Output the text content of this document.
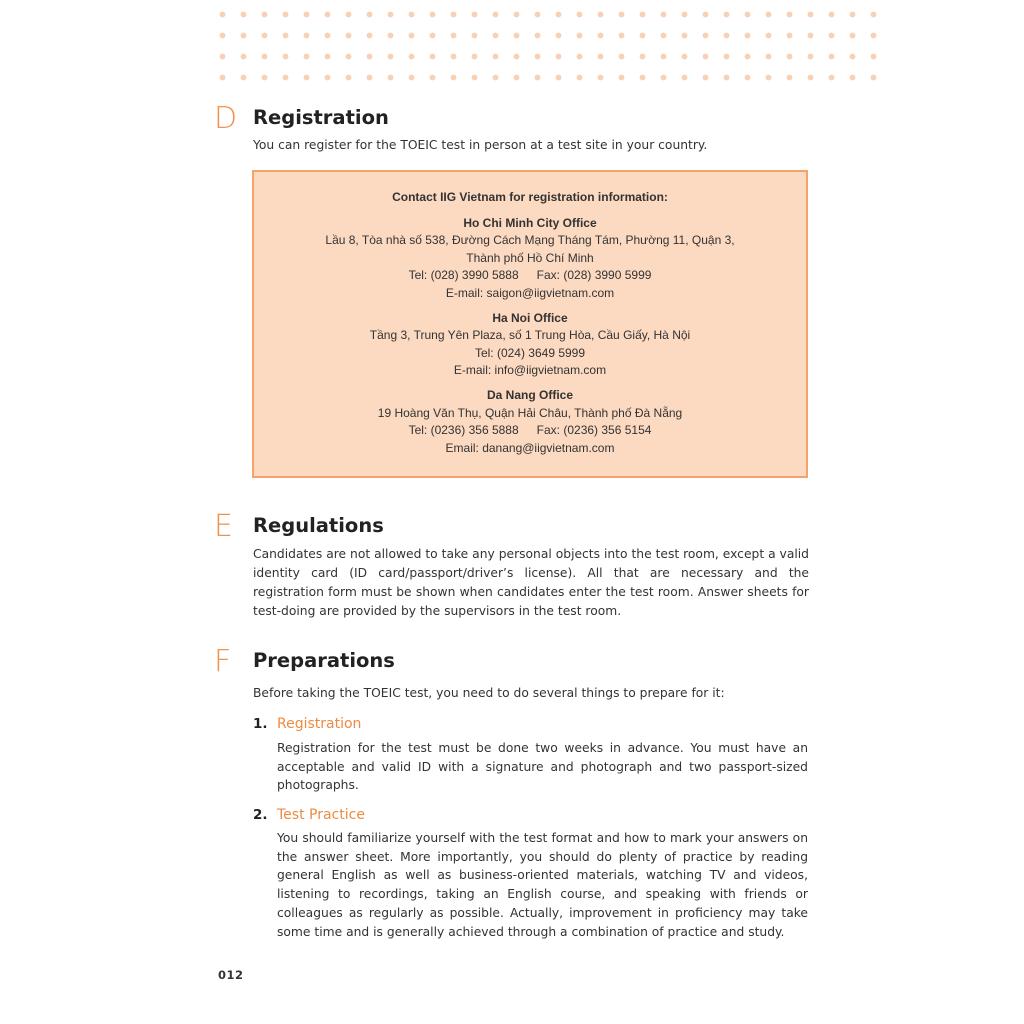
D Registration
You can register for the TOEIC test in person at a test site in your country.
Contact IIG Vietnam for registration information:
Ho Chi Minh City Office
Lầu 8, Tòa nhà số 538, Đường Cách Mạng Tháng Tám, Phường 11, Quận 3,
Thành phố Hồ Chí Minh
Tel: (028) 3990 5888 Fax: (028) 3990 5999
E-mail: saigon@iigvietnam.com
Ha Noi Office
Tầng 3, Trung Yên Plaza, số 1 Trung Hòa, Cầu Giấy, Hà Nội
Tel: (024) 3649 5999
E-mail: info@iigvietnam.com
Da Nang Office
19 Hoàng Văn Thụ, Quận Hải Châu, Thành phố Đà Nẵng
Tel: (0236) 356 5888 Fax: (0236) 356 5154
Email: danang@iigvietnam.com
E Regulations
Candidates are not allowed to take any personal objects into the test room, except a valid identity card (ID card/passport/driver’s license). All that are necessary and the registration form must be shown when candidates enter the test room. Answer sheets for test-doing are provided by the supervisors in the test room.
F Preparations
Before taking the TOEIC test, you need to do several things to prepare for it:
1. Registration
Registration for the test must be done two weeks in advance. You must have an acceptable and valid ID with a signature and photograph and two passport-sized photographs.
2. Test Practice
You should familiarize yourself with the test format and how to mark your answers on the answer sheet. More importantly, you should do plenty of practice by reading general English as well as business-oriented materials, watching TV and videos, listening to recordings, taking an English course, and speaking with friends or colleagues as regularly as possible. Actually, improvement in proficiency may take some time and is generally achieved through a combination of practice and study.
012
